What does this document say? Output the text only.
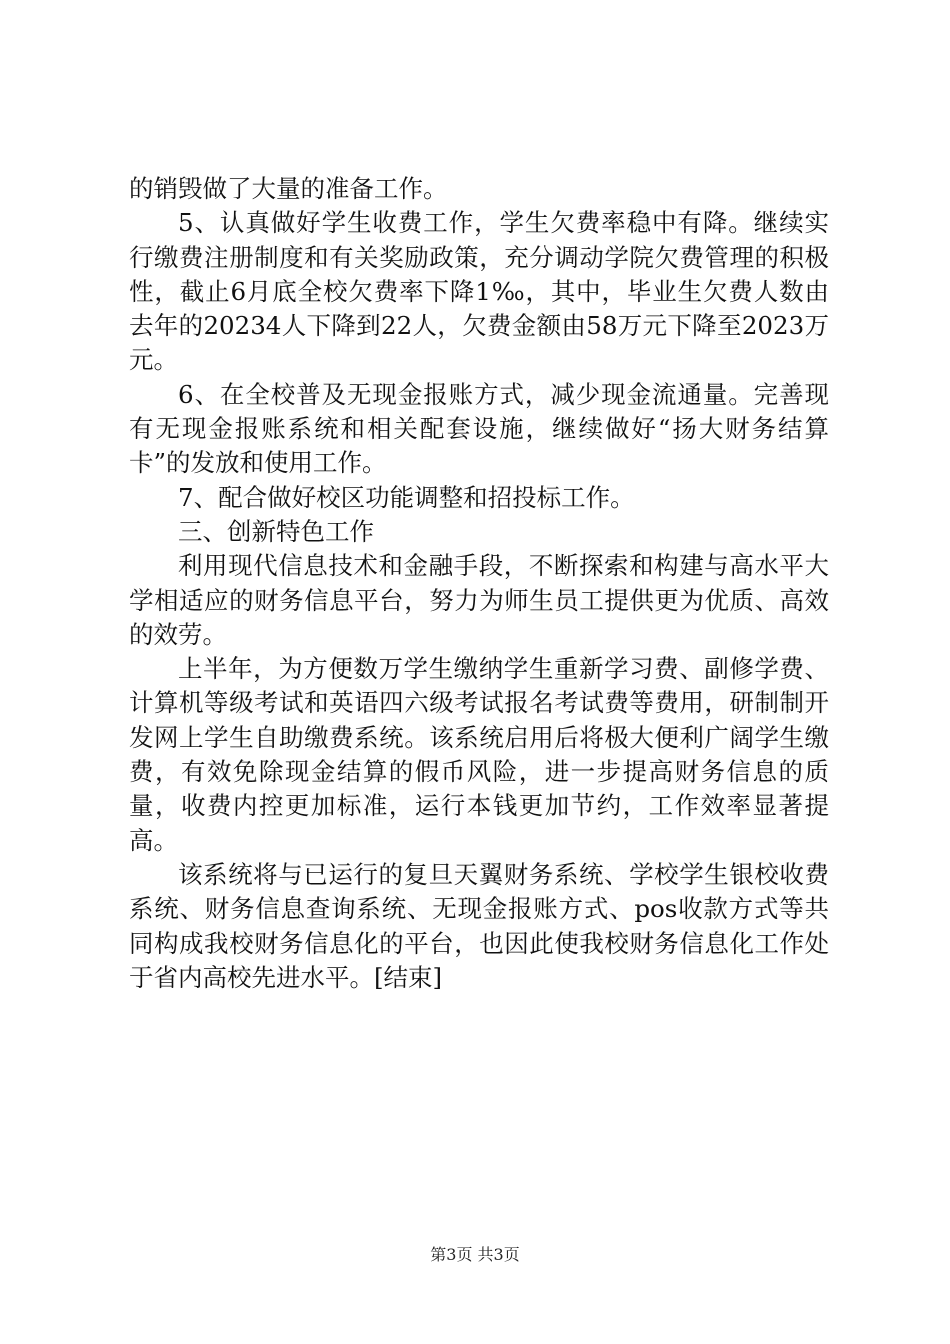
的销毁做了大量的准备工作。

5、认真做好学生收费工作，学生欠费率稳中有降。继续实行缴费注册制度和有关奖励政策，充分调动学院欠费管理的积极性，截止6月底全校欠费率下降1‰，其中，毕业生欠费人数由去年的20234人下降到22人，欠费金额由58万元下降至2023万元。

6、在全校普及无现金报账方式，减少现金流通量。完善现有无现金报账系统和相关配套设施，继续做好“扬大财务结算卡”的发放和使用工作。

7、配合做好校区功能调整和招投标工作。

三、创新特色工作

利用现代信息技术和金融手段，不断探索和构建与高水平大学相适应的财务信息平台，努力为师生员工提供更为优质、高效的效劳。

上半年，为方便数万学生缴纳学生重新学习费、副修学费、计算机等级考试和英语四六级考试报名考试费等费用，研制制开发网上学生自助缴费系统。该系统启用后将极大便利广阔学生缴费，有效免除现金结算的假币风险，进一步提高财务信息的质量，收费内控更加标准，运行本钱更加节约，工作效率显著提高。

该系统将与已运行的复旦天翼财务系统、学校学生银校收费系统、财务信息查询系统、无现金报账方式、pos收款方式等共同构成我校财务信息化的平台，也因此使我校财务信息化工作处于省内高校先进水平。[结束]

第3页 共3页
